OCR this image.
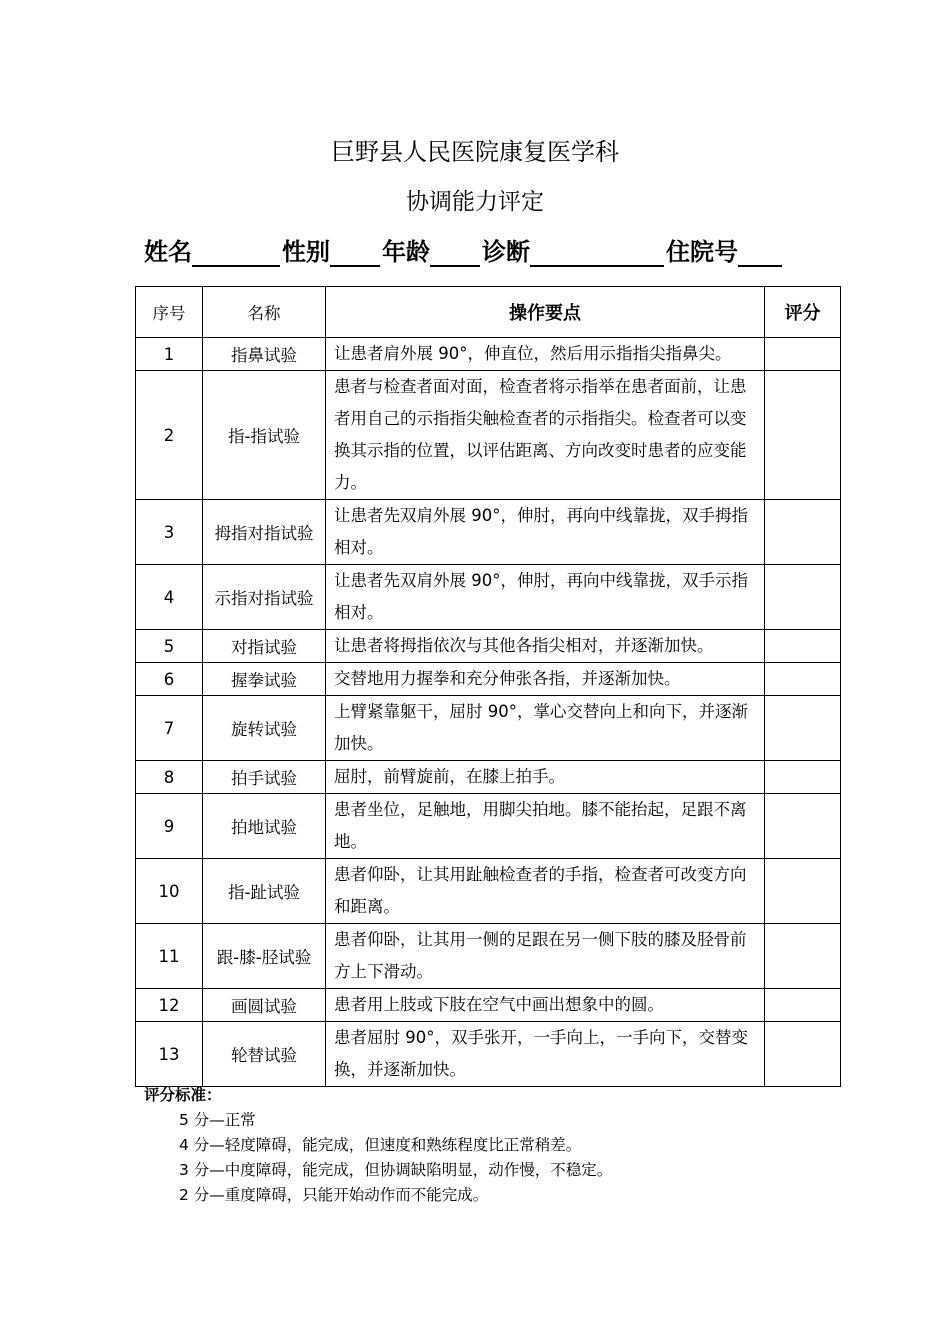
巨野县人民医院康复医学科
协调能力评定
姓名	性别 年龄 诊断	住院号
序号	名称	操作要点	评分
1	指鼻试验	让患者肩外展 90°，伸直位，然后用示指指尖指鼻尖。	
2	指-指试验	患者与检查者面对面，检查者将示指举在患者面前，让患者用自己的示指指尖触检查者的示指指尖。检查者可以变换其示指的位置，以评估距离、方向改变时患者的应变能力。	
3	拇指对指试验	让患者先双肩外展 90°，伸肘，再向中线靠拢，双手拇指相对。	
4	示指对指试验	让患者先双肩外展 90°，伸肘，再向中线靠拢，双手示指相对。	
5	对指试验	让患者将拇指依次与其他各指尖相对，并逐渐加快。	
6	握拳试验	交替地用力握拳和充分伸张各指，并逐渐加快。	
7	旋转试验	上臂紧靠躯干，屈肘 90°，掌心交替向上和向下，并逐渐加快。	
8	拍手试验	屈肘，前臂旋前，在膝上拍手。	
9	拍地试验	患者坐位，足触地，用脚尖拍地。膝不能抬起，足跟不离地。	
10	指-趾试验	患者仰卧，让其用趾触检查者的手指，检查者可改变方向和距离。	
11	跟-膝-胫试验	患者仰卧，让其用一侧的足跟在另一侧下肢的膝及胫骨前方上下滑动。	
12	画圆试验	患者用上肢或下肢在空气中画出想象中的圆。	
13	轮替试验	患者屈肘 90°，双手张开，一手向上，一手向下，交替变换，并逐渐加快。	
评分标准：
5 分—正常
4 分—轻度障碍，能完成，但速度和熟练程度比正常稍差。
3 分—中度障碍，能完成，但协调缺陷明显，动作慢，不稳定。
2 分—重度障碍，只能开始动作而不能完成。
